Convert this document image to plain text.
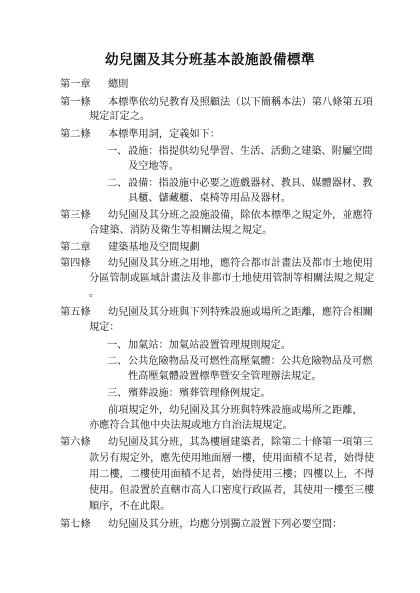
幼兒園及其分班基本設施設備標準
第一章 總則
第一條 本標準依幼兒教育及照顧法（以下簡稱本法）第八條第五項
規定訂定之。
第二條 本標準用詞，定義如下：
一、 設施：指提供幼兒學習、生活、活動之建築、附屬空間
及空地等。
二、 設備：指設施中必要之遊戲器材、教具、媒體器材、教
具櫃、儲藏櫃、桌椅等用品及器材。
第三條 幼兒園及其分班之設施設備，除依本標準之規定外，並應符
合建築、消防及衛生等相關法規之規定。
第二章 建築基地及空間規劃
第四條 幼兒園及其分班之用地，應符合都市計畫法及都市土地使用
分區管制或區域計畫法及非都市土地使用管制等相關法規之規定
。
第五條 幼兒園及其分班與下列特殊設施或場所之距離，應符合相關
規定：
一、 加氣站：加氣站設置管理規則規定。
二、 公共危險物品及可燃性高壓氣體：公共危險物品及可燃
性高壓氣體設置標準暨安全管理辦法規定。
三、 殯葬設施：殯葬管理條例規定。
前項規定外，幼兒園及其分班與特殊設施或場所之距離，
亦應符合其他中央法規或地方自治法規規定。
第六條 幼兒園及其分班，其為樓層建築者，除第二十條第一項第三
款另有規定外，應先使用地面層一樓，使用面積不足者，始得使
用二樓，二樓使用面積不足者，始得使用三樓；四樓以上，不得
使用。但設置於直轄市高人口密度行政區者，其使用一樓至三樓
順序，不在此限。
第七條 幼兒園及其分班，均應分別獨立設置下列必要空間：
